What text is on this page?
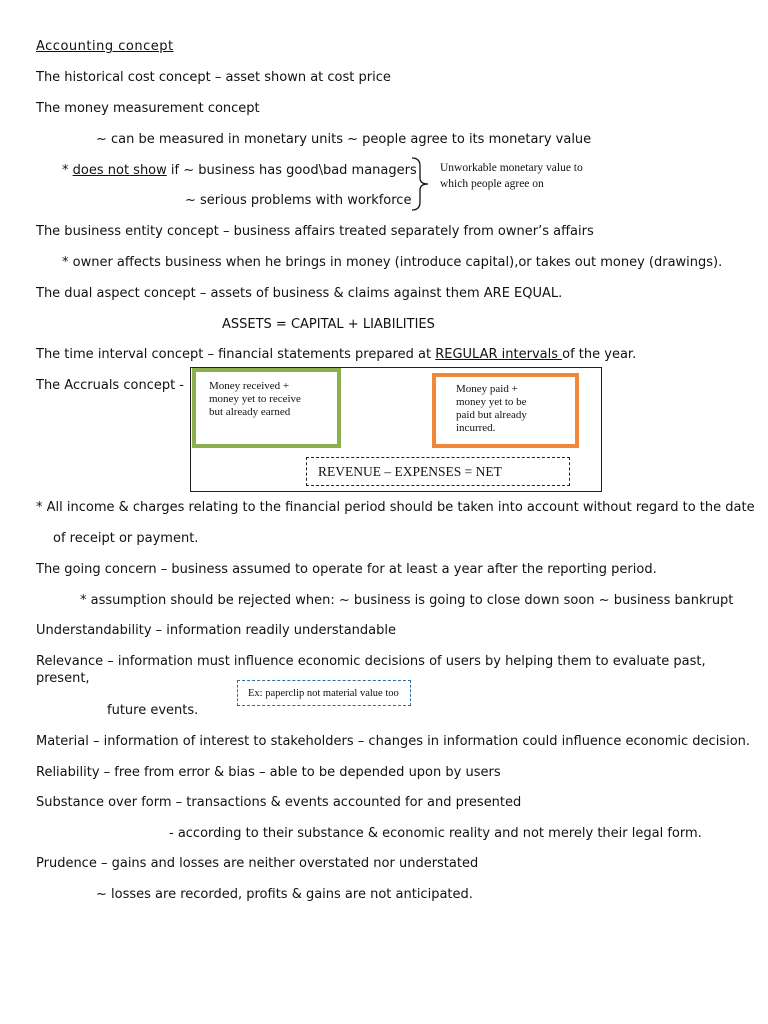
Accounting concept
The historical cost concept – asset shown at cost price
The money measurement concept
~ can be measured in monetary units ~ people agree to its monetary value
* does not show if ~ business has good\bad managers
~ serious problems with workforce
Unworkable monetary value to
which people agree on
The business entity concept – business affairs treated separately from owner’s affairs
* owner affects business when he brings in money (introduce capital),or takes out money (drawings).
The dual aspect concept – assets of business & claims against them ARE EQUAL.
ASSETS = CAPITAL + LIABILITIES
The time interval concept – financial statements prepared at REGULAR intervals of the year.
The Accruals concept - Money received +
money yet to receive
but already earned
Money paid +
money yet to be
paid but already
incurred.
REVENUE – EXPENSES = NET
* All income & charges relating to the financial period should be taken into account without regard to the date
of receipt or payment.
The going concern – business assumed to operate for at least a year after the reporting period.
* assumption should be rejected when: ~ business is going to close down soon ~ business bankrupt
Understandability – information readily understandable
Relevance – information must influence economic decisions of users by helping them to evaluate past,
present,
Ex: paperclip not material value too
future events.
Material – information of interest to stakeholders – changes in information could influence economic decision.
Reliability – free from error & bias – able to be depended upon by users
Substance over form – transactions & events accounted for and presented
- according to their substance & economic reality and not merely their legal form.
Prudence – gains and losses are neither overstated nor understated
~ losses are recorded, profits & gains are not anticipated.
